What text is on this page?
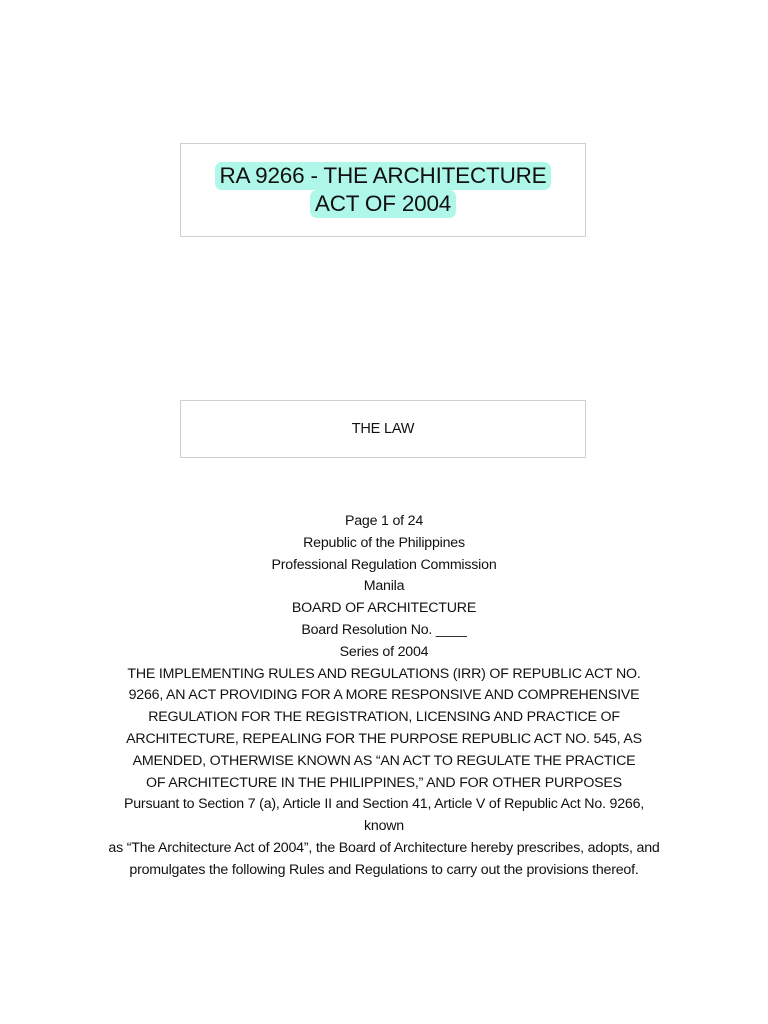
RA 9266 - THE ARCHITECTURE
ACT OF 2004
THE LAW
Page 1 of 24
Republic of the Philippines
Professional Regulation Commission
Manila
BOARD OF ARCHITECTURE
Board Resolution No. ____
Series of 2004
THE IMPLEMENTING RULES AND REGULATIONS (IRR) OF REPUBLIC ACT NO.
9266, AN ACT PROVIDING FOR A MORE RESPONSIVE AND COMPREHENSIVE
REGULATION FOR THE REGISTRATION, LICENSING AND PRACTICE OF
ARCHITECTURE, REPEALING FOR THE PURPOSE REPUBLIC ACT NO. 545, AS
AMENDED, OTHERWISE KNOWN AS “AN ACT TO REGULATE THE PRACTICE
OF ARCHITECTURE IN THE PHILIPPINES,” AND FOR OTHER PURPOSES
Pursuant to Section 7 (a), Article II and Section 41, Article V of Republic Act No. 9266,
known
as “The Architecture Act of 2004”, the Board of Architecture hereby prescribes, adopts, and
promulgates the following Rules and Regulations to carry out the provisions thereof.
